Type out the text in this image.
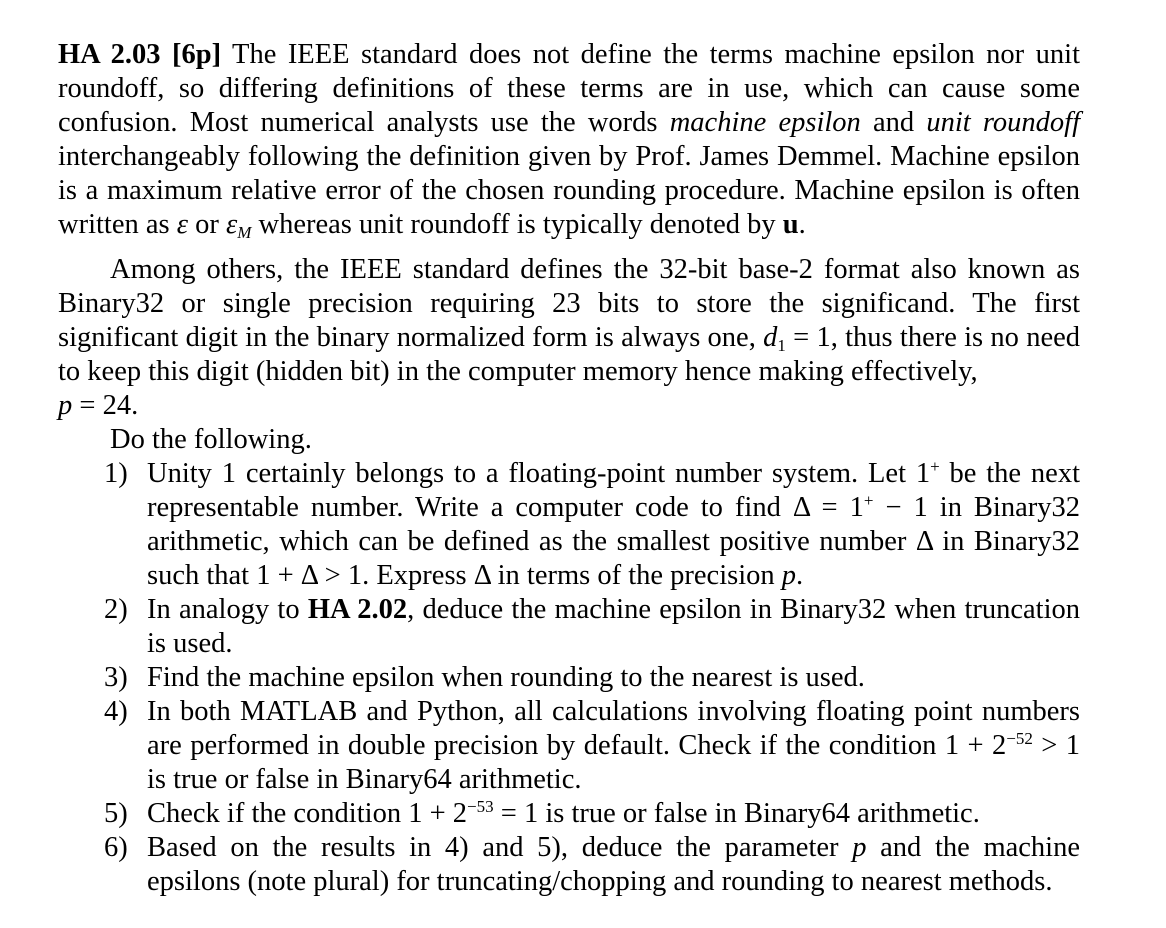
HA 2.03 [6p] The IEEE standard does not define the terms machine epsilon nor unit roundoff, so differing definitions of these terms are in use, which can cause some confusion. Most numerical analysts use the words machine epsilon and unit roundoff interchangeably following the definition given by Prof. James Demmel. Machine epsilon is a maximum relative error of the chosen rounding procedure. Machine epsilon is often written as ε or $\varepsilon_M$ whereas unit roundoff is typically denoted by u.

Among others, the IEEE standard defines the 32-bit base-2 format also known as Binary32 or single precision requiring 23 bits to store the significand. The first significant digit in the binary normalized form is always one, $d_1 = 1$, thus there is no need to keep this digit (hidden bit) in the computer memory hence making effectively,
p = 24.

Do the following.

1) Unity 1 certainly belongs to a floating-point number system. Let 1+ be the next representable number. Write a computer code to find Δ = 1+ − 1 in Binary32 arithmetic, which can be defined as the smallest positive number Δ in Binary32 such that 1 + Δ > 1. Express Δ in terms of the precision p.
2) In analogy to HA 2.02, deduce the machine epsilon in Binary32 when truncation is used.
3) Find the machine epsilon when rounding to the nearest is used.
4) In both MATLAB and Python, all calculations involving floating point numbers are performed in double precision by default. Check if the condition $1 + 2^{-52} > 1$ is true or false in Binary64 arithmetic.
5) Check if the condition $1 + 2^{-53} = 1$ is true or false in Binary64 arithmetic.
6) Based on the results in 4) and 5), deduce the parameter p and the machine epsilons (note plural) for truncating/chopping and rounding to nearest methods.
